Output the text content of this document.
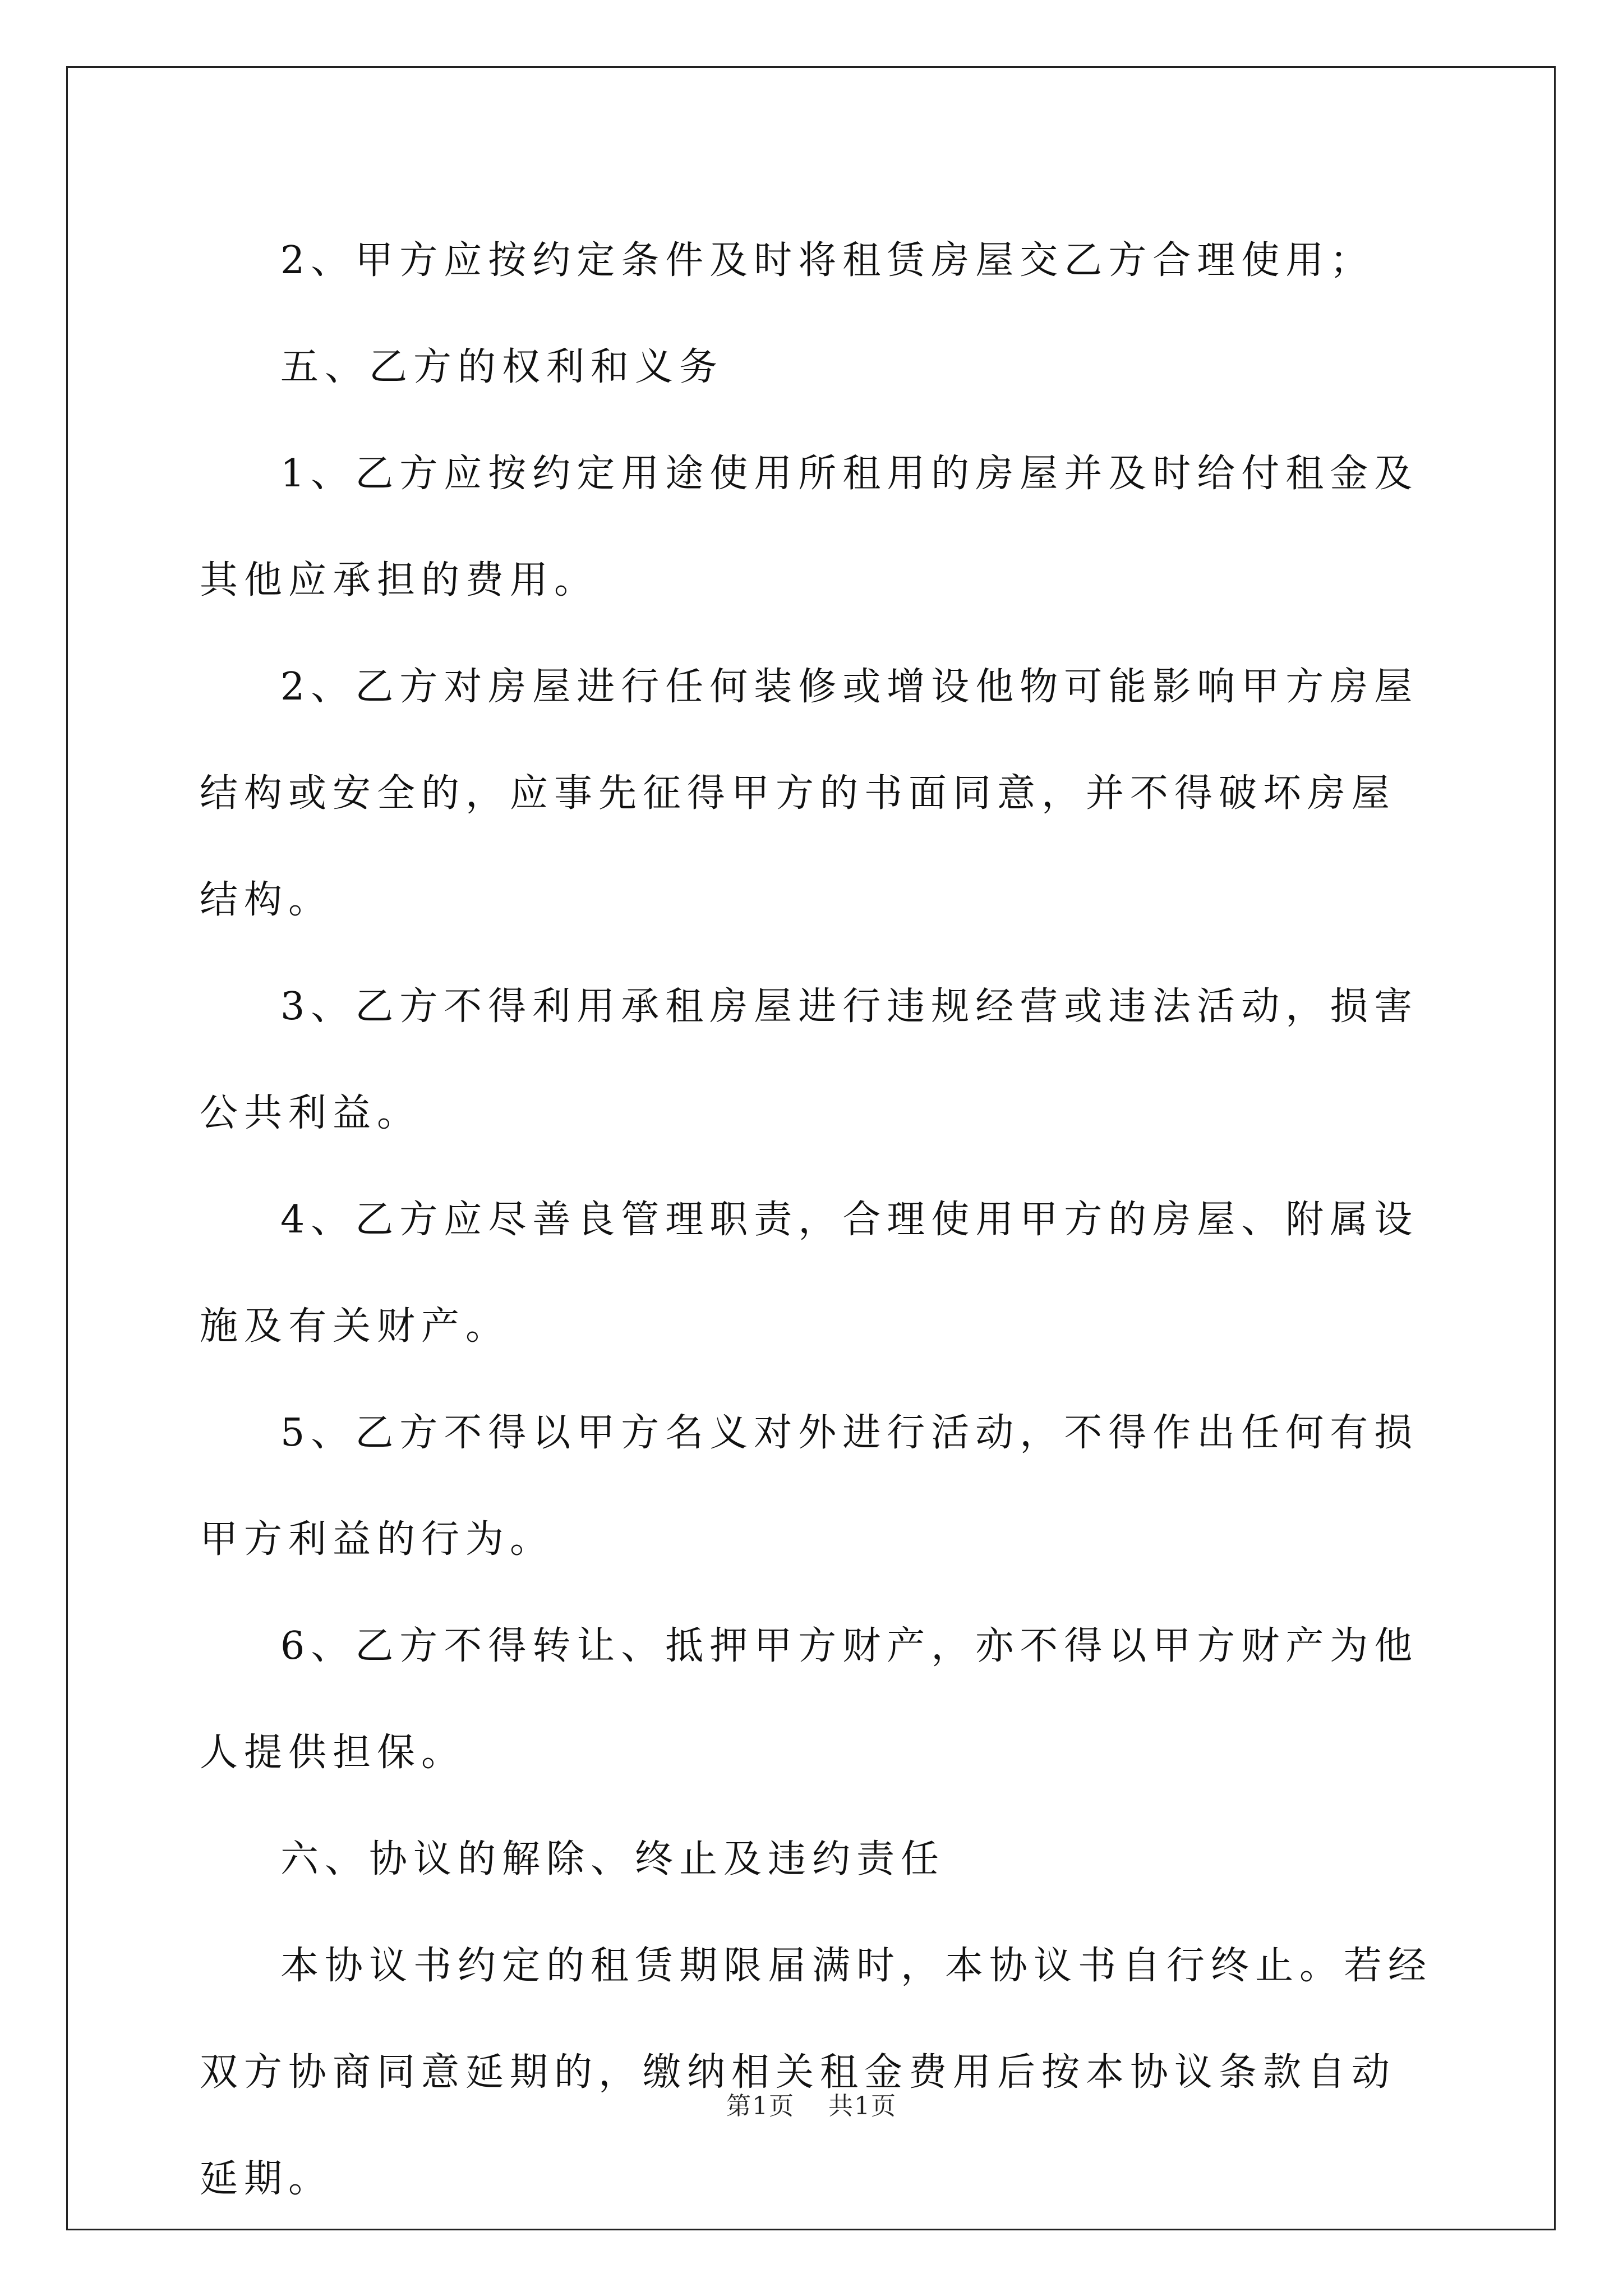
2、甲方应按约定条件及时将租赁房屋交乙方合理使用；

五、乙方的权利和义务

1、乙方应按约定用途使用所租用的房屋并及时给付租金及其他应承担的费用。

2、乙方对房屋进行任何装修或增设他物可能影响甲方房屋结构或安全的，应事先征得甲方的书面同意，并不得破坏房屋结构。

3、乙方不得利用承租房屋进行违规经营或违法活动，损害公共利益。

4、乙方应尽善良管理职责，合理使用甲方的房屋、附属设施及有关财产。

5、乙方不得以甲方名义对外进行活动，不得作出任何有损甲方利益的行为。

6、乙方不得转让、抵押甲方财产，亦不得以甲方财产为他人提供担保。

六、协议的解除、终止及违约责任

本协议书约定的租赁期限届满时，本协议书自行终止。若经双方协商同意延期的，缴纳相关租金费用后按本协议条款自动延期。

第1页 共1页
